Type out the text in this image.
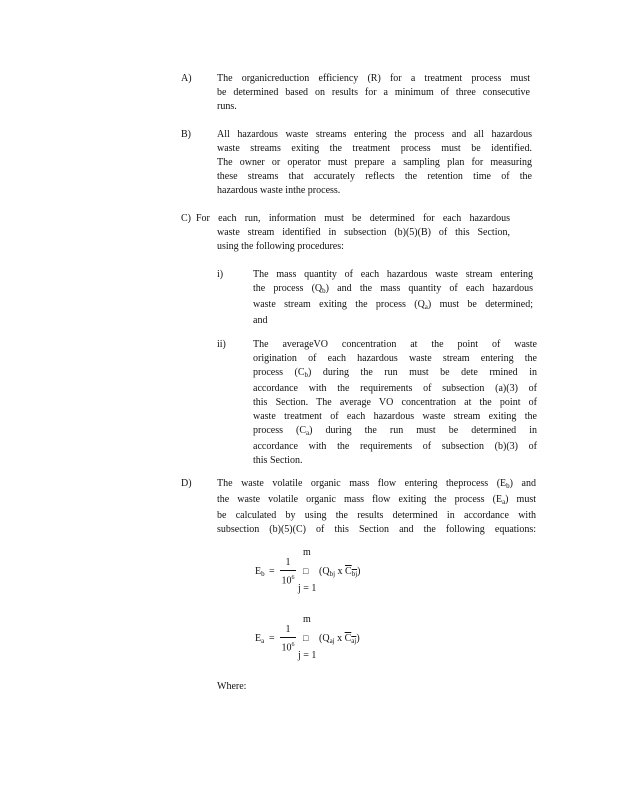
A)	The organicreduction efficiency (R) for a treatment process must
be determined based on results for a minimum of three consecutive
runs.
B)	All hazardous waste streams entering the process and all hazardous
waste streams exiting the treatment process must be identified.
The owner or operator must prepare a sampling plan for measuring
these streams that accurately reflects the retention time of the
hazardous waste inthe process.
C) For each run, information must be determined for each hazardous
waste stream identified in subsection (b)(5)(B) of this Section,
using the following procedures:
i)	The mass quantity of each hazardous waste stream entering
the process $(Q_b)$ and the mass quantity of each hazardous
waste stream exiting the process $(Q_a)$ must be determined;
and
ii)	The averageVO concentration at the point of waste
origination of each hazardous waste stream entering the
process $(C_b)$ during the run must be dete rmined in
accordance with the requirements of subsection (a)(3) of
this Section. The average VO concentration at the point of
waste treatment of each hazardous waste stream exiting the
process $(C_a)$ during the run must be determined in
accordance with the requirements of subsection (b)(3) of
this Section.
D)	The waste volatile organic mass flow entering theprocess $(E_b)$ and
the waste volatile organic mass flow exiting the process $(E_a)$ must
be calculated by using the results determined in accordance with
subsection (b)(5)(C) of this Section and the following equations:
m
$E_b$ =
1
$10^6$
□ ($Q_{bj}$ x $\overline{C}_{\overline{bj}}$)
j = 1
m
$E_a$ =
1
$10^6$
□ ($Q_{aj}$ x $\overline{C}_{\overline{aj}}$)
j = 1
Where:
